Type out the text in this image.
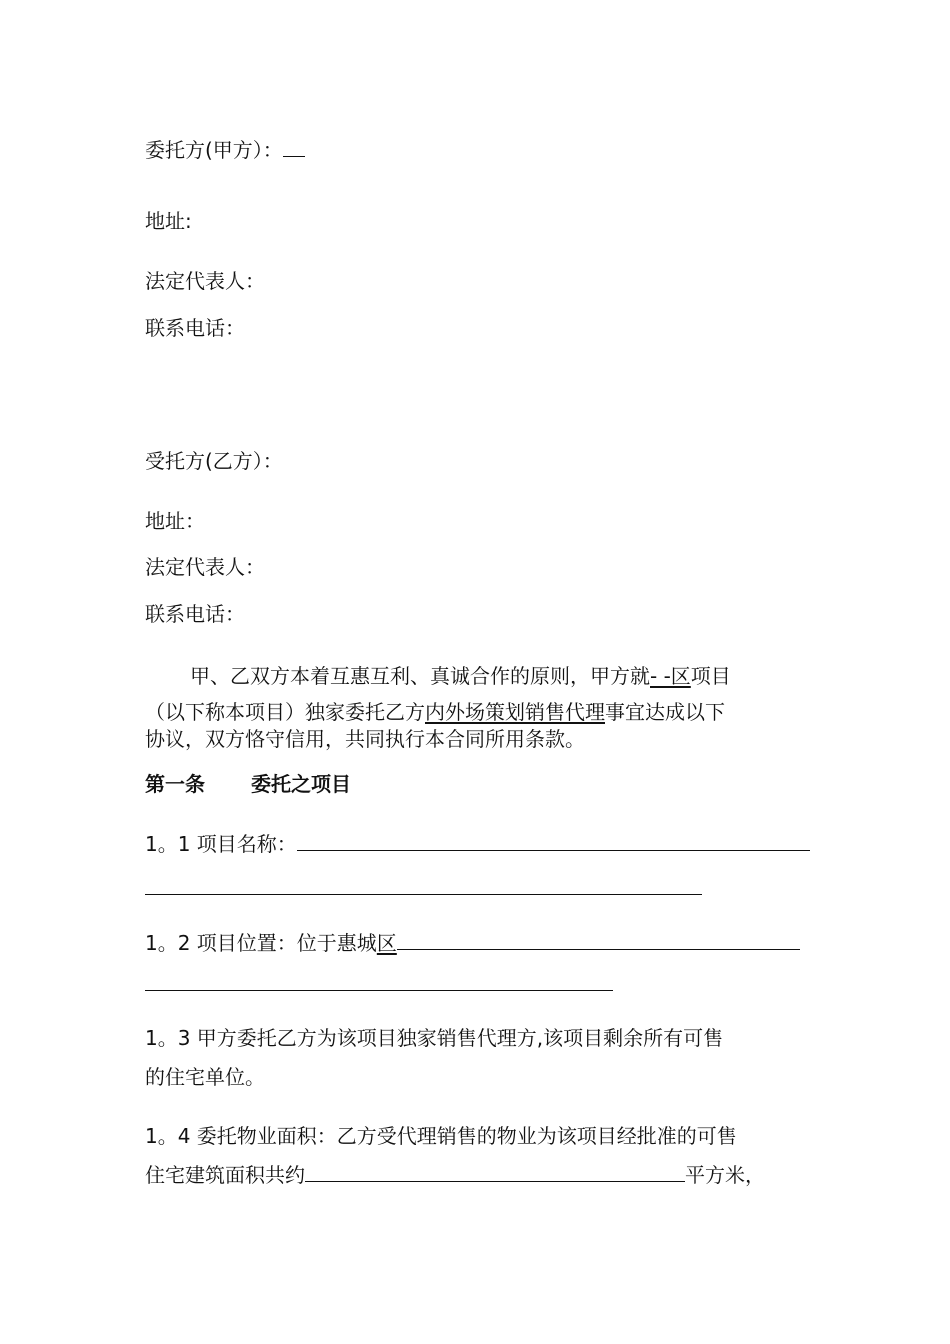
委托方(甲方）：
地址:
法定代表人：
联系电话：
受托方(乙方）：
地址：
法定代表人：
联系电话：
甲、乙双方本着互惠互利、真诚合作的原则，甲方就- -区项目
（以下称本项目）独家委托乙方内外场策划销售代理事宜达成以下
协议，双方恪守信用，共同执行本合同所用条款。
第一条 委托之项目
1。1 项目名称：
1。2 项目位置：位于惠城区
1。3 甲方委托乙方为该项目独家销售代理方,该项目剩余所有可售
的住宅单位。
1。4 委托物业面积：乙方受代理销售的物业为该项目经批准的可售
住宅建筑面积共约	平方米，
